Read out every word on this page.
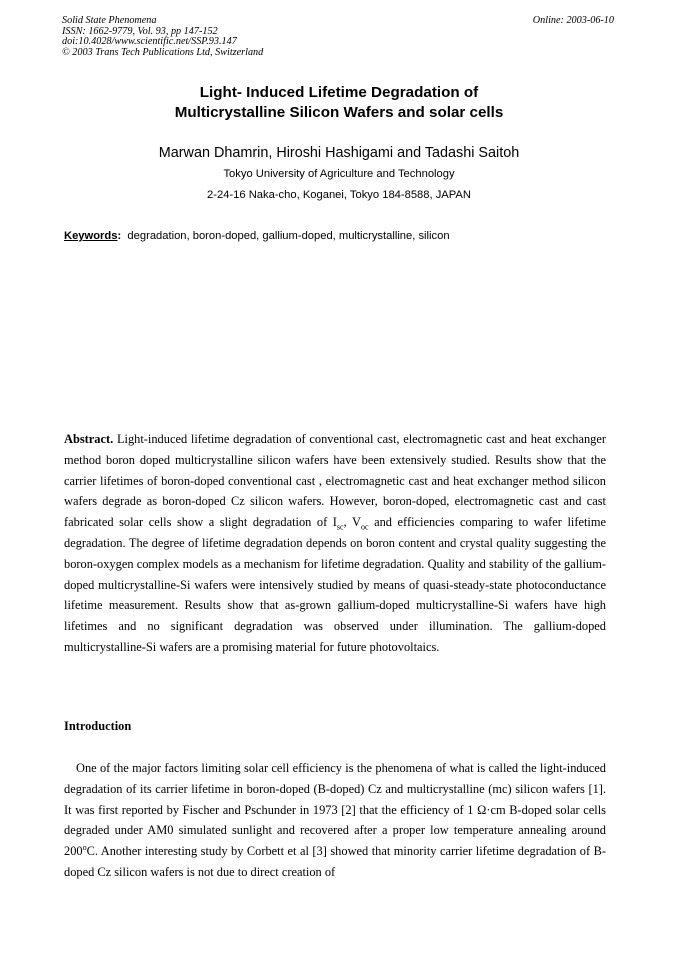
Solid State Phenomena
ISSN: 1662-9779, Vol. 93, pp 147-152
doi:10.4028/www.scientific.net/SSP.93.147
© 2003 Trans Tech Publications Ltd, Switzerland
Online: 2003-06-10
Light- Induced Lifetime Degradation of
Multicrystalline Silicon Wafers and solar cells
Marwan Dhamrin, Hiroshi Hashigami and Tadashi Saitoh
Tokyo University of Agriculture and Technology
2-24-16 Naka-cho, Koganei, Tokyo 184-8588, JAPAN
Keywords: degradation, boron-doped, gallium-doped, multicrystalline, silicon
Abstract. Light-induced lifetime degradation of conventional cast, electromagnetic cast and heat exchanger method boron doped multicrystalline silicon wafers have been extensively studied. Results show that the carrier lifetimes of boron-doped conventional cast , electromagnetic cast and heat exchanger method silicon wafers degrade as boron-doped Cz silicon wafers. However, boron-doped, electromagnetic cast and cast fabricated solar cells show a slight degradation of $I_{sc}$, $V_{oc}$ and efficiencies comparing to wafer lifetime degradation. The degree of lifetime degradation depends on boron content and crystal quality suggesting the boron-oxygen complex models as a mechanism for lifetime degradation. Quality and stability of the gallium-doped multicrystalline-Si wafers were intensively studied by means of quasi-steady-state photoconductance lifetime measurement. Results show that as-grown gallium-doped multicrystalline-Si wafers have high lifetimes and no significant degradation was observed under illumination. The gallium-doped multicrystalline-Si wafers are a promising material for future photovoltaics.
Introduction
One of the major factors limiting solar cell efficiency is the phenomena of what is called the light-induced degradation of its carrier lifetime in boron-doped (B-doped) Cz and multicrystalline (mc) silicon wafers [1]. It was first reported by Fischer and Pschunder in 1973 [2] that the efficiency of 1 Ω·cm B-doped solar cells degraded under AM0 simulated sunlight and recovered after a proper low temperature annealing around 200$^o$C. Another interesting study by Corbett et al [3] showed that minority carrier lifetime degradation of B-doped Cz silicon wafers is not due to direct creation of
